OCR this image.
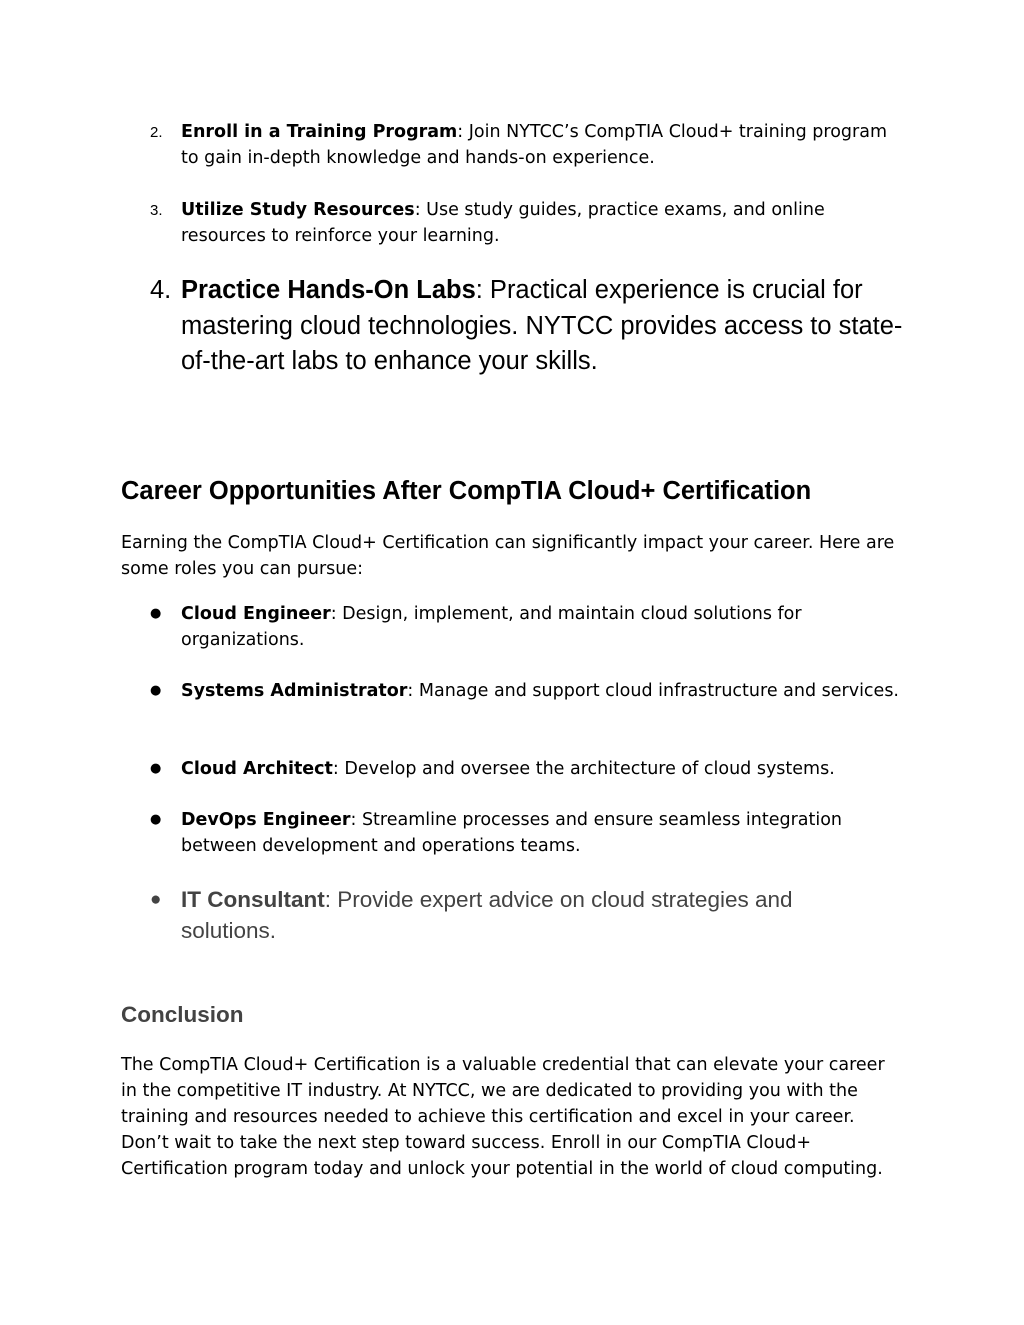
2.	Enroll in a Training Program: Join NYTCC’s CompTIA Cloud+ training program to gain in-depth knowledge and hands-on experience.
3.	Utilize Study Resources: Use study guides, practice exams, and online resources to reinforce your learning.
4. Practice Hands-On Labs: Practical experience is crucial for mastering cloud technologies. NYTCC provides access to state-of-the-art labs to enhance your skills.
Career Opportunities After CompTIA Cloud+ Certification
Earning the CompTIA Cloud+ Certification can significantly impact your career. Here are some roles you can pursue:
●	Cloud Engineer: Design, implement, and maintain cloud solutions for organizations.
●	Systems Administrator: Manage and support cloud infrastructure and services.
●	Cloud Architect: Develop and oversee the architecture of cloud systems.
●	DevOps Engineer: Streamline processes and ensure seamless integration between development and operations teams.
● IT Consultant: Provide expert advice on cloud strategies and solutions.
Conclusion
The CompTIA Cloud+ Certification is a valuable credential that can elevate your career in the competitive IT industry. At NYTCC, we are dedicated to providing you with the training and resources needed to achieve this certification and excel in your career. Don’t wait to take the next step toward success. Enroll in our CompTIA Cloud+ Certification program today and unlock your potential in the world of cloud computing.
